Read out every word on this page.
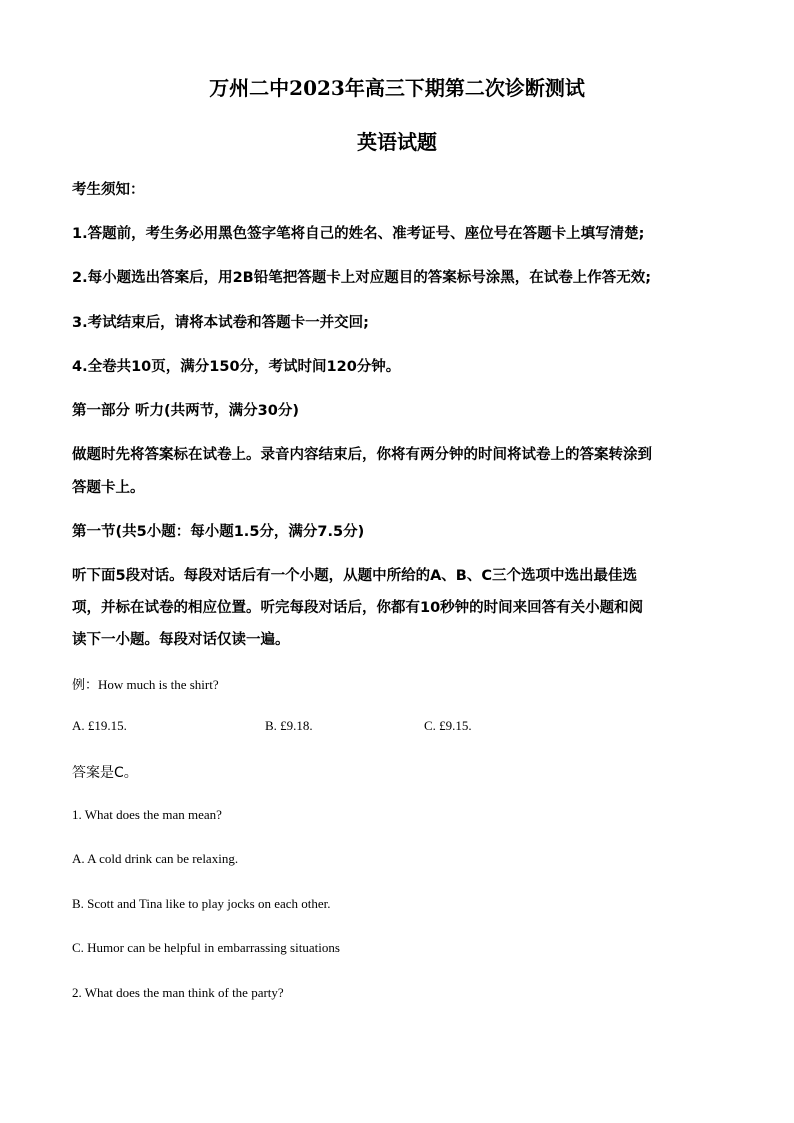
万州二中2023年高三下期第二次诊断测试
英语试题

考生须知：

1.答题前，考生务必用黑色签字笔将自己的姓名、准考证号、座位号在答题卡上填写清楚;

2.每小题选出答案后，用2B铅笔把答题卡上对应题目的答案标号涂黑，在试卷上作答无效;

3.考试结束后，请将本试卷和答题卡一并交回;

4.全卷共10页，满分150分，考试时间120分钟。

第一部分 听力(共两节，满分30分)

做题时先将答案标在试卷上。录音内容结束后，你将有两分钟的时间将试卷上的答案转涂到

答题卡上。

第一节(共5小题：每小题1.5分，满分7.5分)

听下面5段对话。每段对话后有一个小题，从题中所给的A、B、C三个选项中选出最佳选

项，并标在试卷的相应位置。听完每段对话后，你都有10秒钟的时间来回答有关小题和阅

读下一小题。每段对话仅读一遍。

例：How much is the shirt?

A. £19.15.	B. £9.18.	C. £9.15.

答案是C。

1. What does the man mean?

A. A cold drink can be relaxing.

B. Scott and Tina like to play jocks on each other.

C. Humor can be helpful in embarrassing situations

2. What does the man think of the party?
